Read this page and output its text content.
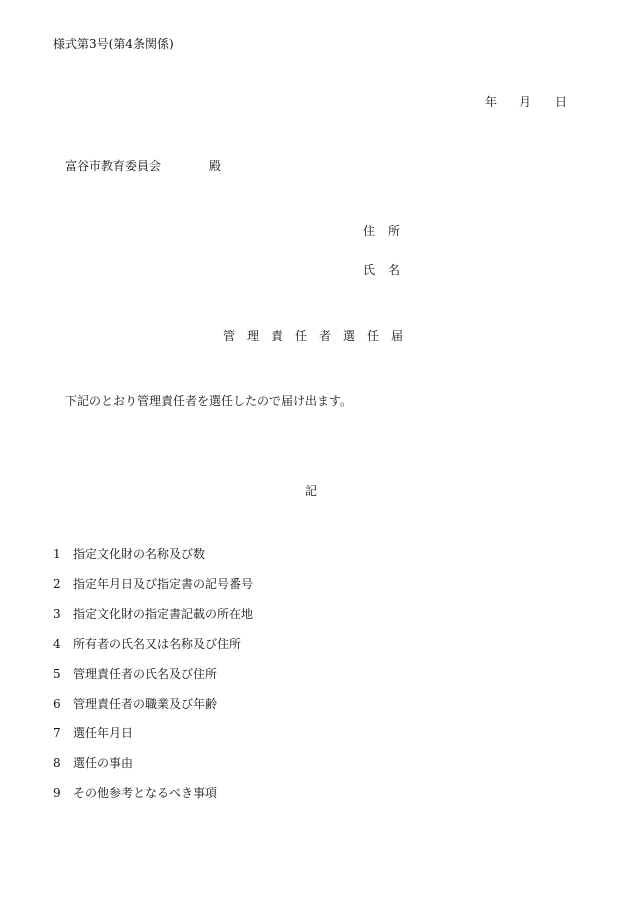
様式第3号(第4条関係)
年 月 日
富谷市教育委員会	殿
住所
氏名
管理責任者選任届
下記のとおり管理責任者を選任したので届け出ます。
記
1 指定文化財の名称及び数
2 指定年月日及び指定書の記号番号
3 指定文化財の指定書記載の所在地
4 所有者の氏名又は名称及び住所
5 管理責任者の氏名及び住所
6 管理責任者の職業及び年齢
7 選任年月日
8 選任の事由
9 その他参考となるべき事項
